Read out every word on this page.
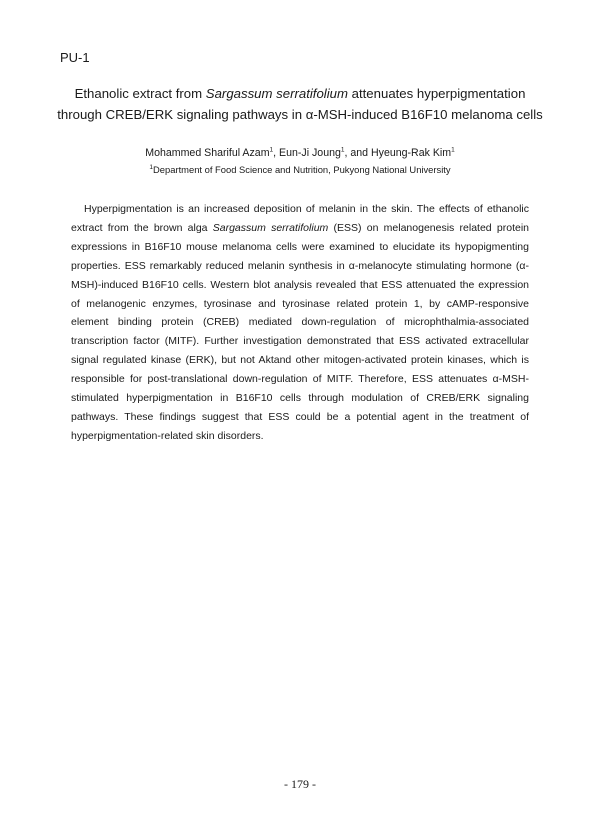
PU-1
Ethanolic extract from Sargassum serratifolium attenuates hyperpigmentation
through CREB/ERK signaling pathways in α-MSH-induced B16F10 melanoma cells
Mohammed Shariful Azam$^1$, Eun-Ji Joung$^1$, and Hyeung-Rak Kim$^1$
$^1$Department of Food Science and Nutrition, Pukyong National University

Hyperpigmentation is an increased deposition of melanin in the skin. The effects of ethanolic extract from the brown alga Sargassum serratifolium (ESS) on melanogenesis related protein expressions in B16F10 mouse melanoma cells were examined to elucidate its hypopigmenting properties. ESS remarkably reduced melanin synthesis in α-melanocyte stimulating hormone (α-MSH)-induced B16F10 cells. Western blot analysis revealed that ESS attenuated the expression of melanogenic enzymes, tyrosinase and tyrosinase related protein 1, by cAMP-responsive element binding protein (CREB) mediated down-regulation of microphthalmia-associated transcription factor (MITF). Further investigation demonstrated that ESS activated extracellular signal regulated kinase (ERK), but not Aktand other mitogen-activated protein kinases, which is responsible for post-translational down-regulation of MITF. Therefore, ESS attenuates α-MSH-stimulated hyperpigmentation in B16F10 cells through modulation of CREB/ERK signaling pathways. These findings suggest that ESS could be a potential agent in the treatment of hyperpigmentation-related skin disorders.

- 179 -
